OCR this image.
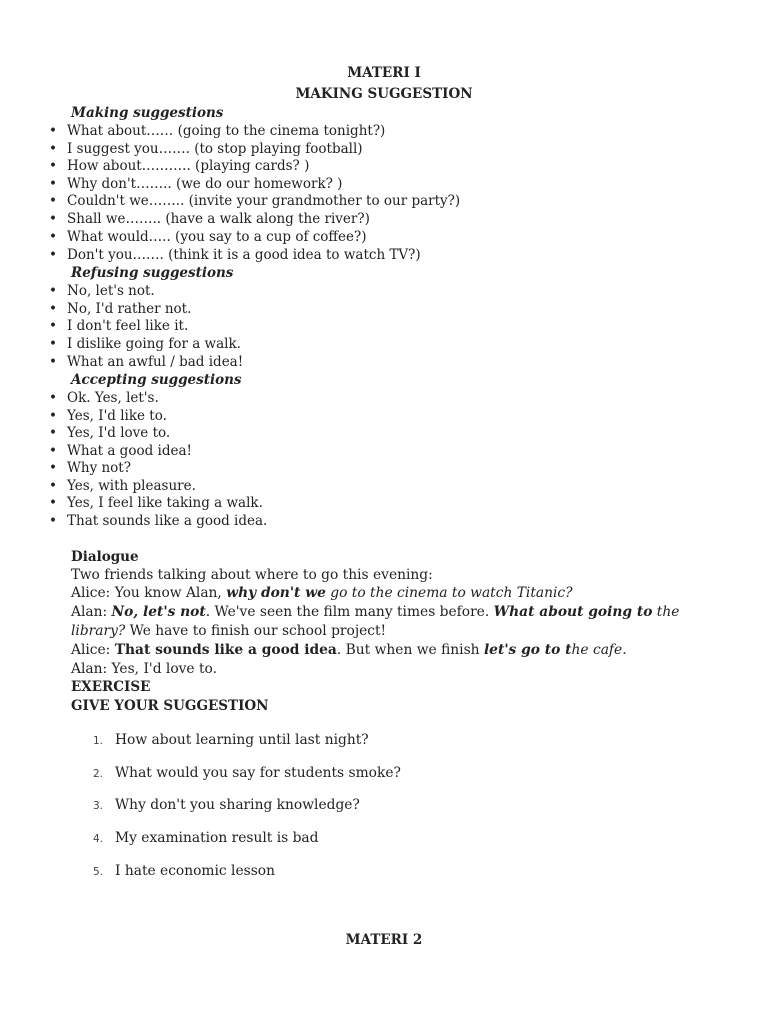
MATERI I
MAKING SUGGESTION
Making suggestions
• What about…… (going to the cinema tonight?)
• I suggest you……. (to stop playing football)
• How about……….. (playing cards? )
• Why don't…….. (we do our homework? )
• Couldn't we…….. (invite your grandmother to our party?)
• Shall we…….. (have a walk along the river?)
• What would….. (you say to a cup of coffee?)
• Don't you……. (think it is a good idea to watch TV?)
Refusing suggestions
• No, let's not.
• No, I'd rather not.
• I don't feel like it.
• I dislike going for a walk.
• What an awful / bad idea!
Accepting suggestions
• Ok. Yes, let's.
• Yes, I'd like to.
• Yes, I'd love to.
• What a good idea!
• Why not?
• Yes, with pleasure.
• Yes, I feel like taking a walk.
• That sounds like a good idea.
Dialogue
Two friends talking about where to go this evening:
Alice: You know Alan, why don't we go to the cinema to watch Titanic?
Alan: No, let's not. We've seen the film many times before. What about going to the
library? We have to finish our school project!
Alice: That sounds like a good idea. But when we finish let's go to the cafe.
Alan: Yes, I'd love to.
EXERCISE
GIVE YOUR SUGGESTION
1. How about learning until last night?
2. What would you say for students smoke?
3. Why don't you sharing knowledge?
4. My examination result is bad
5. I hate economic lesson
MATERI 2
